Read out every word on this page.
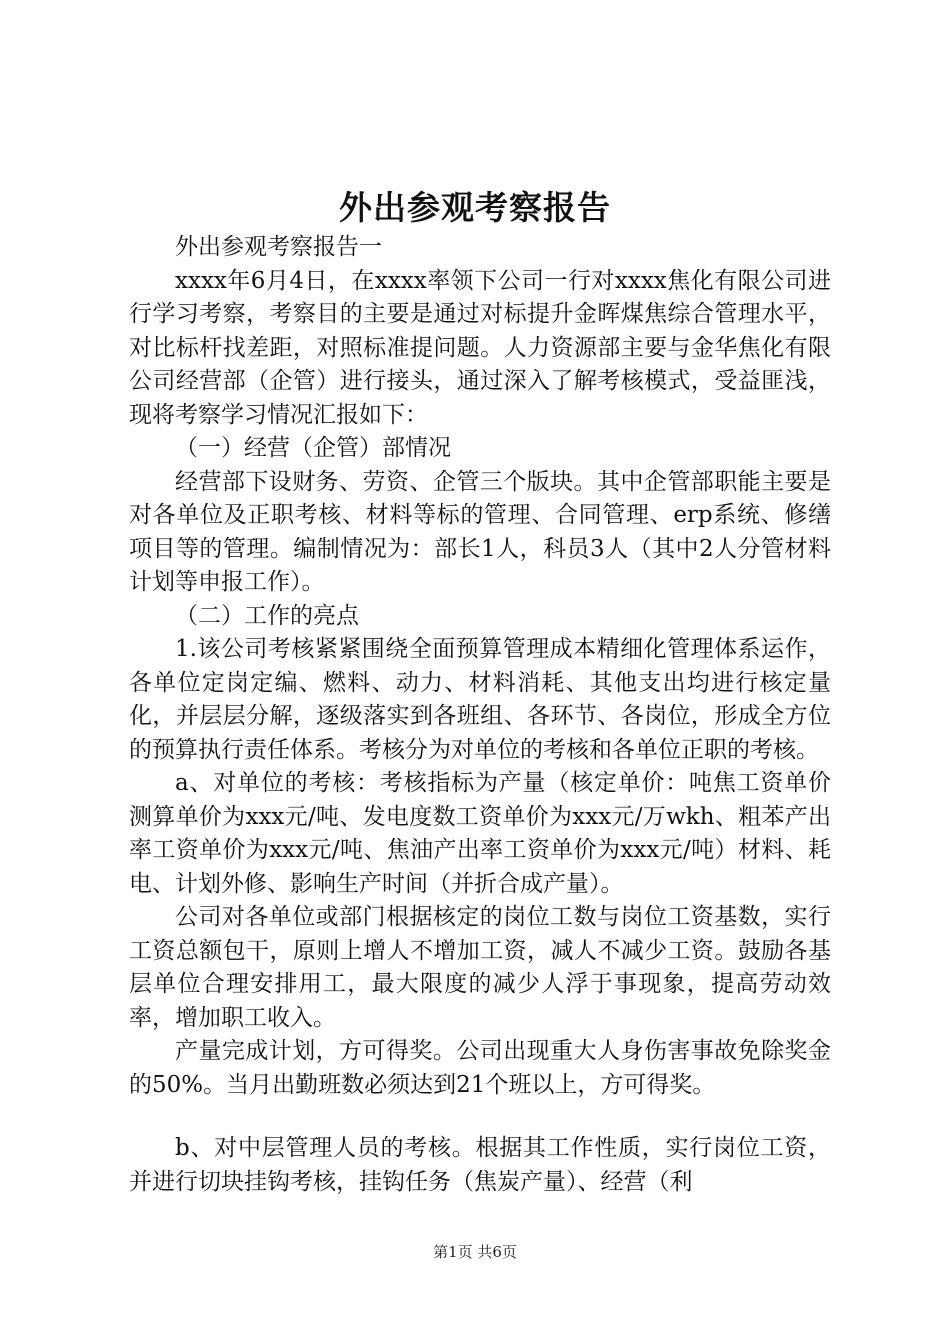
外出参观考察报告

外出参观考察报告一

xxxx年6月4日，在xxxx率领下公司一行对xxxx焦化有限公司进行学习考察，考察目的主要是通过对标提升金晖煤焦综合管理水平，对比标杆找差距，对照标准提问题。人力资源部主要与金华焦化有限公司经营部（企管）进行接头，通过深入了解考核模式，受益匪浅，现将考察学习情况汇报如下：

（一）经营（企管）部情况

经营部下设财务、劳资、企管三个版块。其中企管部职能主要是对各单位及正职考核、材料等标的管理、合同管理、erp系统、修缮项目等的管理。编制情况为：部长1人，科员3人（其中2人分管材料计划等申报工作）。

（二）工作的亮点

1.该公司考核紧紧围绕全面预算管理成本精细化管理体系运作，各单位定岗定编、燃料、动力、材料消耗、其他支出均进行核定量化，并层层分解，逐级落实到各班组、各环节、各岗位，形成全方位的预算执行责任体系。考核分为对单位的考核和各单位正职的考核。

a、对单位的考核：考核指标为产量（核定单价：吨焦工资单价测算单价为xxx元/吨、发电度数工资单价为xxx元/万wkh、粗苯产出率工资单价为xxx元/吨、焦油产出率工资单价为xxx元/吨）材料、耗电、计划外修、影响生产时间（并折合成产量）。

公司对各单位或部门根据核定的岗位工数与岗位工资基数，实行工资总额包干，原则上增人不增加工资，减人不减少工资。鼓励各基层单位合理安排用工，最大限度的减少人浮于事现象，提高劳动效率，增加职工收入。

产量完成计划，方可得奖。公司出现重大人身伤害事故免除奖金的50%。当月出勤班数必须达到21个班以上，方可得奖。

b、对中层管理人员的考核。根据其工作性质，实行岗位工资，并进行切块挂钩考核，挂钩任务（焦炭产量）、经营（利

第1页 共6页
